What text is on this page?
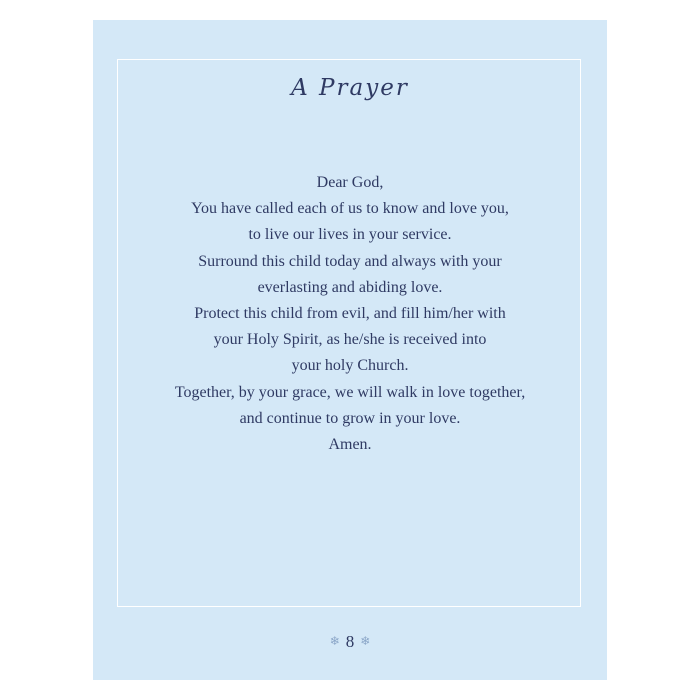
A Prayer
Dear God,
You have called each of us to know and love you,
to live our lives in your service.
Surround this child today and always with your
everlasting and abiding love.
Protect this child from evil, and fill him/her with
your Holy Spirit, as he/she is received into
your holy Church.
Together, by your grace, we will walk in love together,
and continue to grow in your love.
Amen.
❄ 8 ❄
